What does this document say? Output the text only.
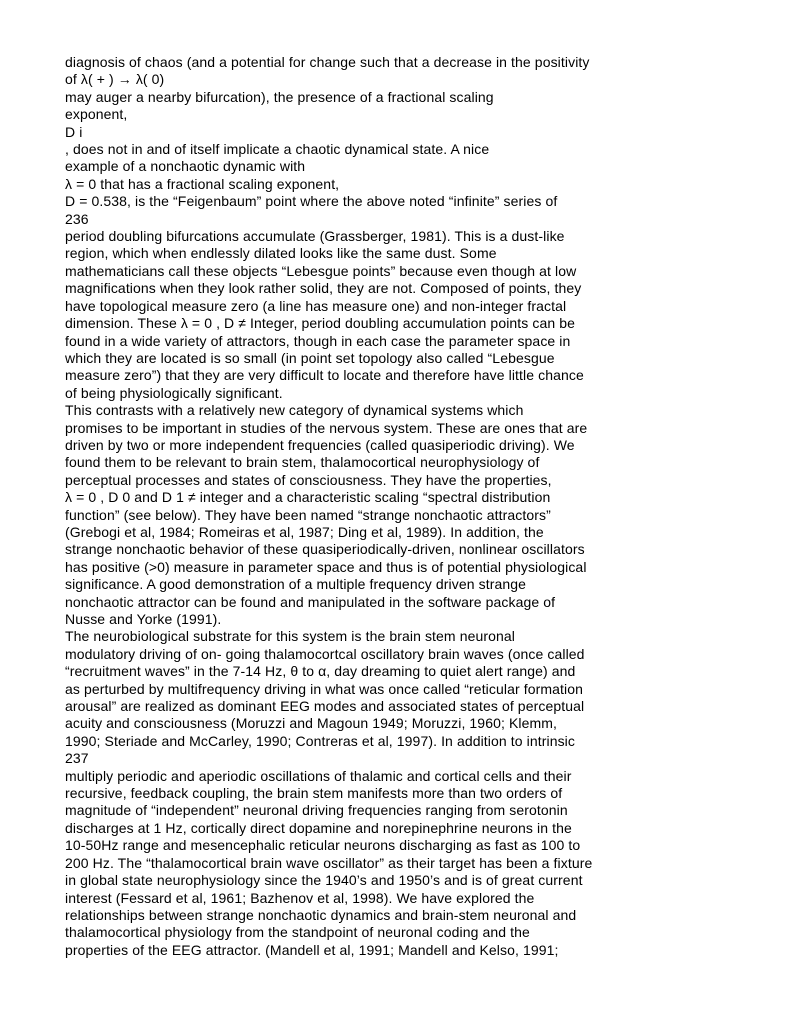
diagnosis of chaos (and a potential for change such that a decrease in the positivity
of λ( + ) → λ( 0)
may auger a nearby bifurcation), the presence of a fractional scaling
exponent,
D i
, does not in and of itself implicate a chaotic dynamical state. A nice
example of a nonchaotic dynamic with
λ = 0 that has a fractional scaling exponent,
D = 0.538, is the “Feigenbaum” point where the above noted “infinite” series of
236
period doubling bifurcations accumulate (Grassberger, 1981). This is a dust-like
region, which when endlessly dilated looks like the same dust. Some
mathematicians call these objects “Lebesgue points” because even though at low
magnifications when they look rather solid, they are not. Composed of points, they
have topological measure zero (a line has measure one) and non-integer fractal
dimension. These λ = 0 , D ≠ Integer, period doubling accumulation points can be
found in a wide variety of attractors, though in each case the parameter space in
which they are located is so small (in point set topology also called “Lebesgue
measure zero”) that they are very difficult to locate and therefore have little chance
of being physiologically significant.
This contrasts with a relatively new category of dynamical systems which
promises to be important in studies of the nervous system. These are ones that are
driven by two or more independent frequencies (called quasiperiodic driving). We
found them to be relevant to brain stem, thalamocortical neurophysiology of
perceptual processes and states of consciousness. They have the properties,
λ = 0 , D 0 and D 1 ≠ integer and a characteristic scaling “spectral distribution
function” (see below). They have been named “strange nonchaotic attractors”
(Grebogi et al, 1984; Romeiras et al, 1987; Ding et al, 1989). In addition, the
strange nonchaotic behavior of these quasiperiodically-driven, nonlinear oscillators
has positive (>0) measure in parameter space and thus is of potential physiological
significance. A good demonstration of a multiple frequency driven strange
nonchaotic attractor can be found and manipulated in the software package of
Nusse and Yorke (1991).
The neurobiological substrate for this system is the brain stem neuronal
modulatory driving of on- going thalamocortcal oscillatory brain waves (once called
“recruitment waves” in the 7-14 Hz, θ to α, day dreaming to quiet alert range) and
as perturbed by multifrequency driving in what was once called “reticular formation
arousal” are realized as dominant EEG modes and associated states of perceptual
acuity and consciousness (Moruzzi and Magoun 1949; Moruzzi, 1960; Klemm,
1990; Steriade and McCarley, 1990; Contreras et al, 1997). In addition to intrinsic
237
multiply periodic and aperiodic oscillations of thalamic and cortical cells and their
recursive, feedback coupling, the brain stem manifests more than two orders of
magnitude of “independent” neuronal driving frequencies ranging from serotonin
discharges at 1 Hz, cortically direct dopamine and norepinephrine neurons in the
10-50Hz range and mesencephalic reticular neurons discharging as fast as 100 to
200 Hz. The “thalamocortical brain wave oscillator” as their target has been a fixture
in global state neurophysiology since the 1940’s and 1950’s and is of great current
interest (Fessard et al, 1961; Bazhenov et al, 1998). We have explored the
relationships between strange nonchaotic dynamics and brain-stem neuronal and
thalamocortical physiology from the standpoint of neuronal coding and the
properties of the EEG attractor. (Mandell et al, 1991; Mandell and Kelso, 1991;
